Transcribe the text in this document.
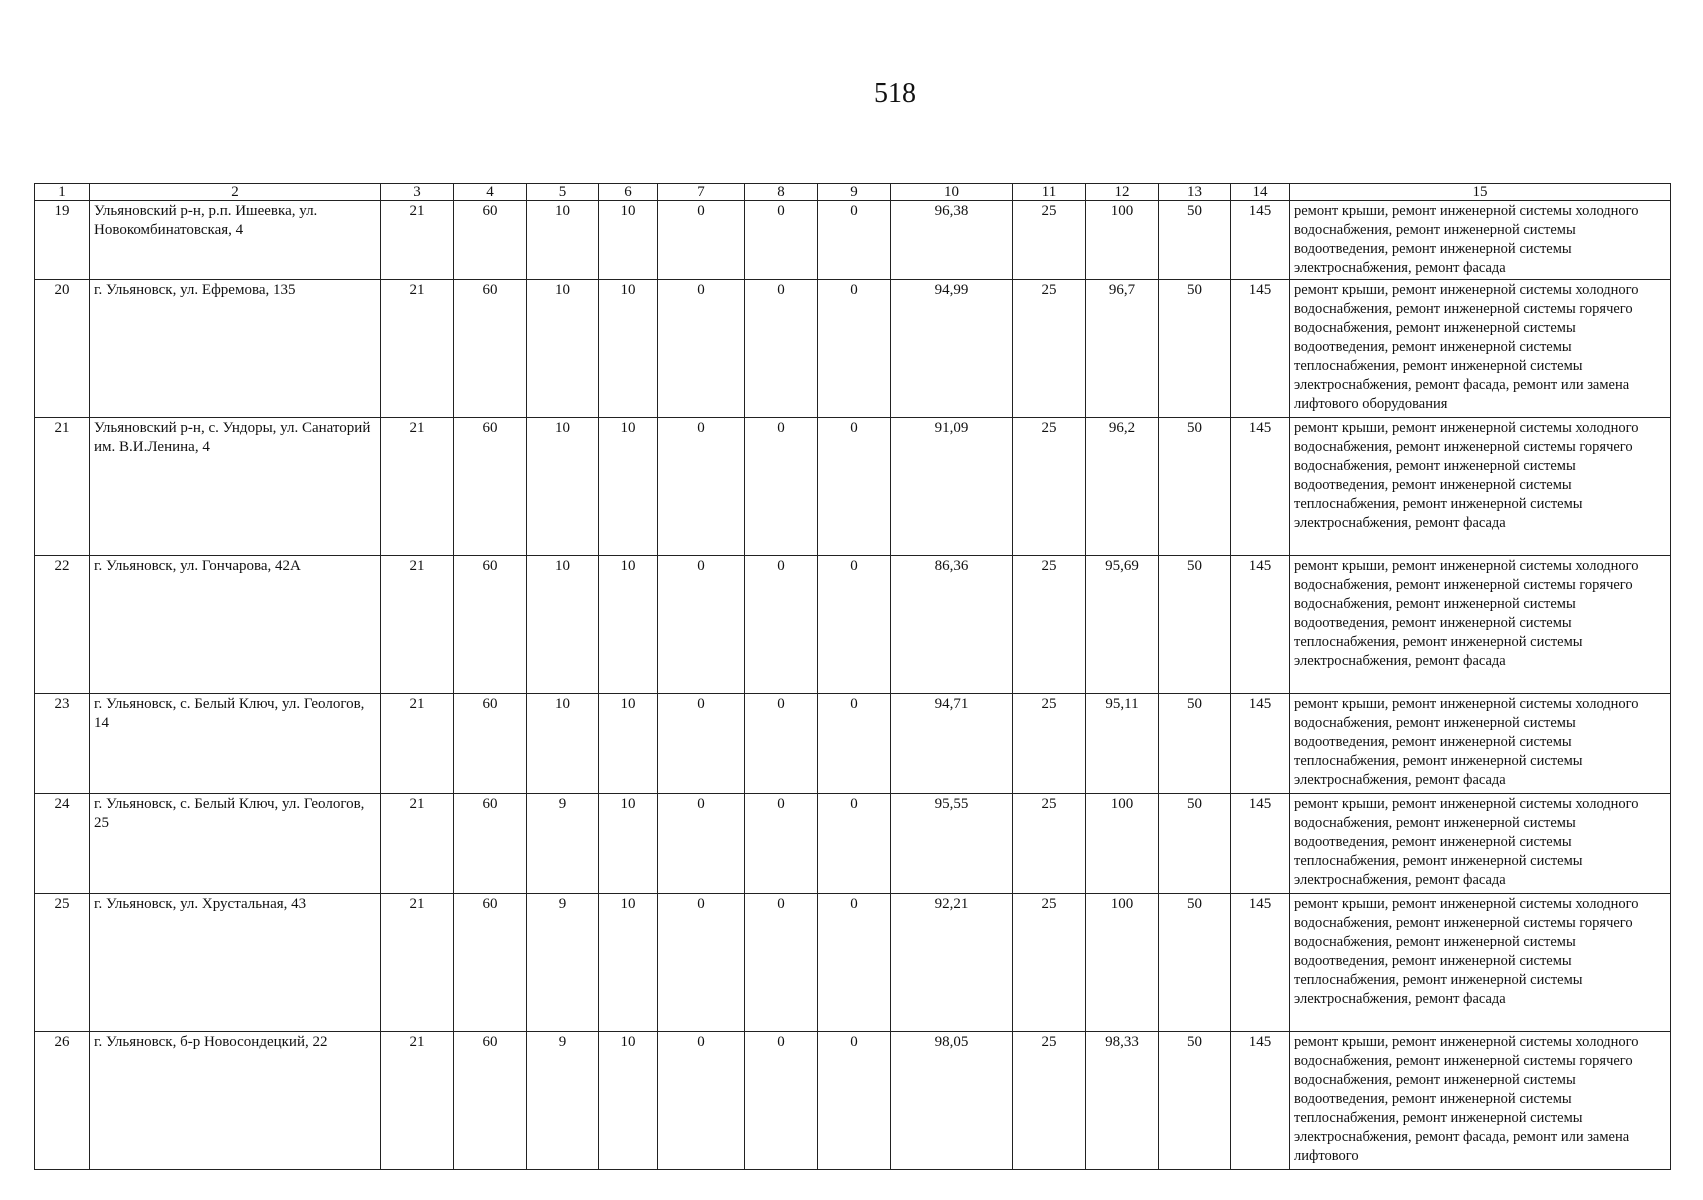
518
1	2	3	4	5	6	7	8	9	10	11	12	13	14	15
19	Ульяновский р-н, р.п. Ишеевка, ул. Новокомбинатовская, 4	21	60	10	10	0	0	0	96,38	25	100	50	145	ремонт крыши, ремонт инженерной системы холодного водоснабжения, ремонт инженерной системы водоотведения, ремонт инженерной системы электроснабжения, ремонт фасада
20	г. Ульяновск, ул. Ефремова, 135	21	60	10	10	0	0	0	94,99	25	96,7	50	145	ремонт крыши, ремонт инженерной системы холодного водоснабжения, ремонт инженерной системы горячего водоснабжения, ремонт инженерной системы водоотведения, ремонт инженерной системы теплоснабжения, ремонт инженерной системы электроснабжения, ремонт фасада, ремонт или замена лифтового оборудования
21	Ульяновский р-н, с. Ундоры, ул. Санаторий им. В.И.Ленина, 4	21	60	10	10	0	0	0	91,09	25	96,2	50	145	ремонт крыши, ремонт инженерной системы холодного водоснабжения, ремонт инженерной системы горячего водоснабжения, ремонт инженерной системы водоотведения, ремонт инженерной системы теплоснабжения, ремонт инженерной системы электроснабжения, ремонт фасада
22	г. Ульяновск, ул. Гончарова, 42А	21	60	10	10	0	0	0	86,36	25	95,69	50	145	ремонт крыши, ремонт инженерной системы холодного водоснабжения, ремонт инженерной системы горячего водоснабжения, ремонт инженерной системы водоотведения, ремонт инженерной системы теплоснабжения, ремонт инженерной системы электроснабжения, ремонт фасада
23	г. Ульяновск, с. Белый Ключ, ул. Геологов, 14	21	60	10	10	0	0	0	94,71	25	95,11	50	145	ремонт крыши, ремонт инженерной системы холодного водоснабжения, ремонт инженерной системы водоотведения, ремонт инженерной системы теплоснабжения, ремонт инженерной системы электроснабжения, ремонт фасада
24	г. Ульяновск, с. Белый Ключ, ул. Геологов, 25	21	60	9	10	0	0	0	95,55	25	100	50	145	ремонт крыши, ремонт инженерной системы холодного водоснабжения, ремонт инженерной системы водоотведения, ремонт инженерной системы теплоснабжения, ремонт инженерной системы электроснабжения, ремонт фасада
25	г. Ульяновск, ул. Хрустальная, 43	21	60	9	10	0	0	0	92,21	25	100	50	145	ремонт крыши, ремонт инженерной системы холодного водоснабжения, ремонт инженерной системы горячего водоснабжения, ремонт инженерной системы водоотведения, ремонт инженерной системы теплоснабжения, ремонт инженерной системы электроснабжения, ремонт фасада
26	г. Ульяновск, б-р Новосондецкий, 22	21	60	9	10	0	0	0	98,05	25	98,33	50	145	ремонт крыши, ремонт инженерной системы холодного водоснабжения, ремонт инженерной системы горячего водоснабжения, ремонт инженерной системы водоотведения, ремонт инженерной системы теплоснабжения, ремонт инженерной системы электроснабжения, ремонт фасада, ремонт или замена лифтового
